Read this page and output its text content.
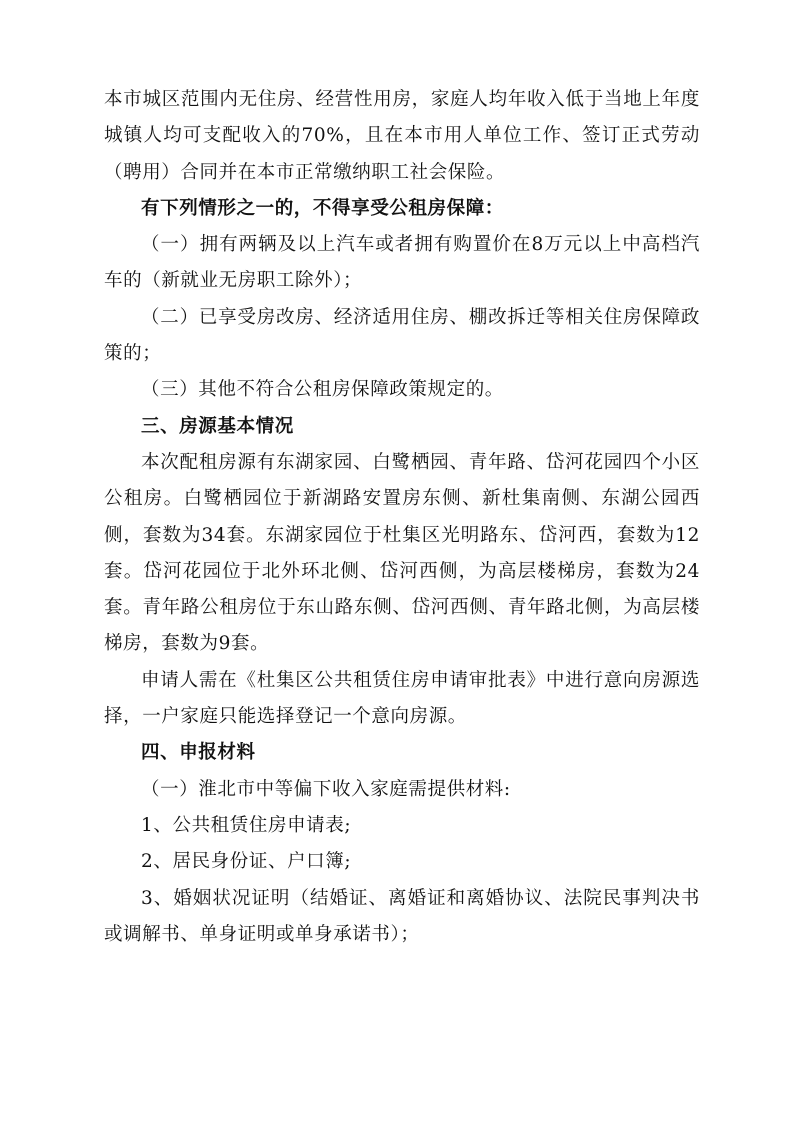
本市城区范围内无住房、经营性用房，家庭人均年收入低于当地上年度城镇人均可支配收入的70%，且在本市用人单位工作、签订正式劳动（聘用）合同并在本市正常缴纳职工社会保险。

有下列情形之一的，不得享受公租房保障：

（一）拥有两辆及以上汽车或者拥有购置价在8万元以上中高档汽车的（新就业无房职工除外）；

（二）已享受房改房、经济适用住房、棚改拆迁等相关住房保障政策的；

（三）其他不符合公租房保障政策规定的。

三、房源基本情况

本次配租房源有东湖家园、白鹭栖园、青年路、岱河花园四个小区公租房。白鹭栖园位于新湖路安置房东侧、新杜集南侧、东湖公园西侧，套数为34套。东湖家园位于杜集区光明路东、岱河西，套数为12套。岱河花园位于北外环北侧、岱河西侧，为高层楼梯房，套数为24套。青年路公租房位于东山路东侧、岱河西侧、青年路北侧，为高层楼梯房，套数为9套。

申请人需在《杜集区公共租赁住房申请审批表》中进行意向房源选择，一户家庭只能选择登记一个意向房源。

四、申报材料

（一）淮北市中等偏下收入家庭需提供材料:

1、公共租赁住房申请表;

2、居民身份证、户口簿;

3、婚姻状况证明（结婚证、离婚证和离婚协议、法院民事判决书或调解书、单身证明或单身承诺书）；
